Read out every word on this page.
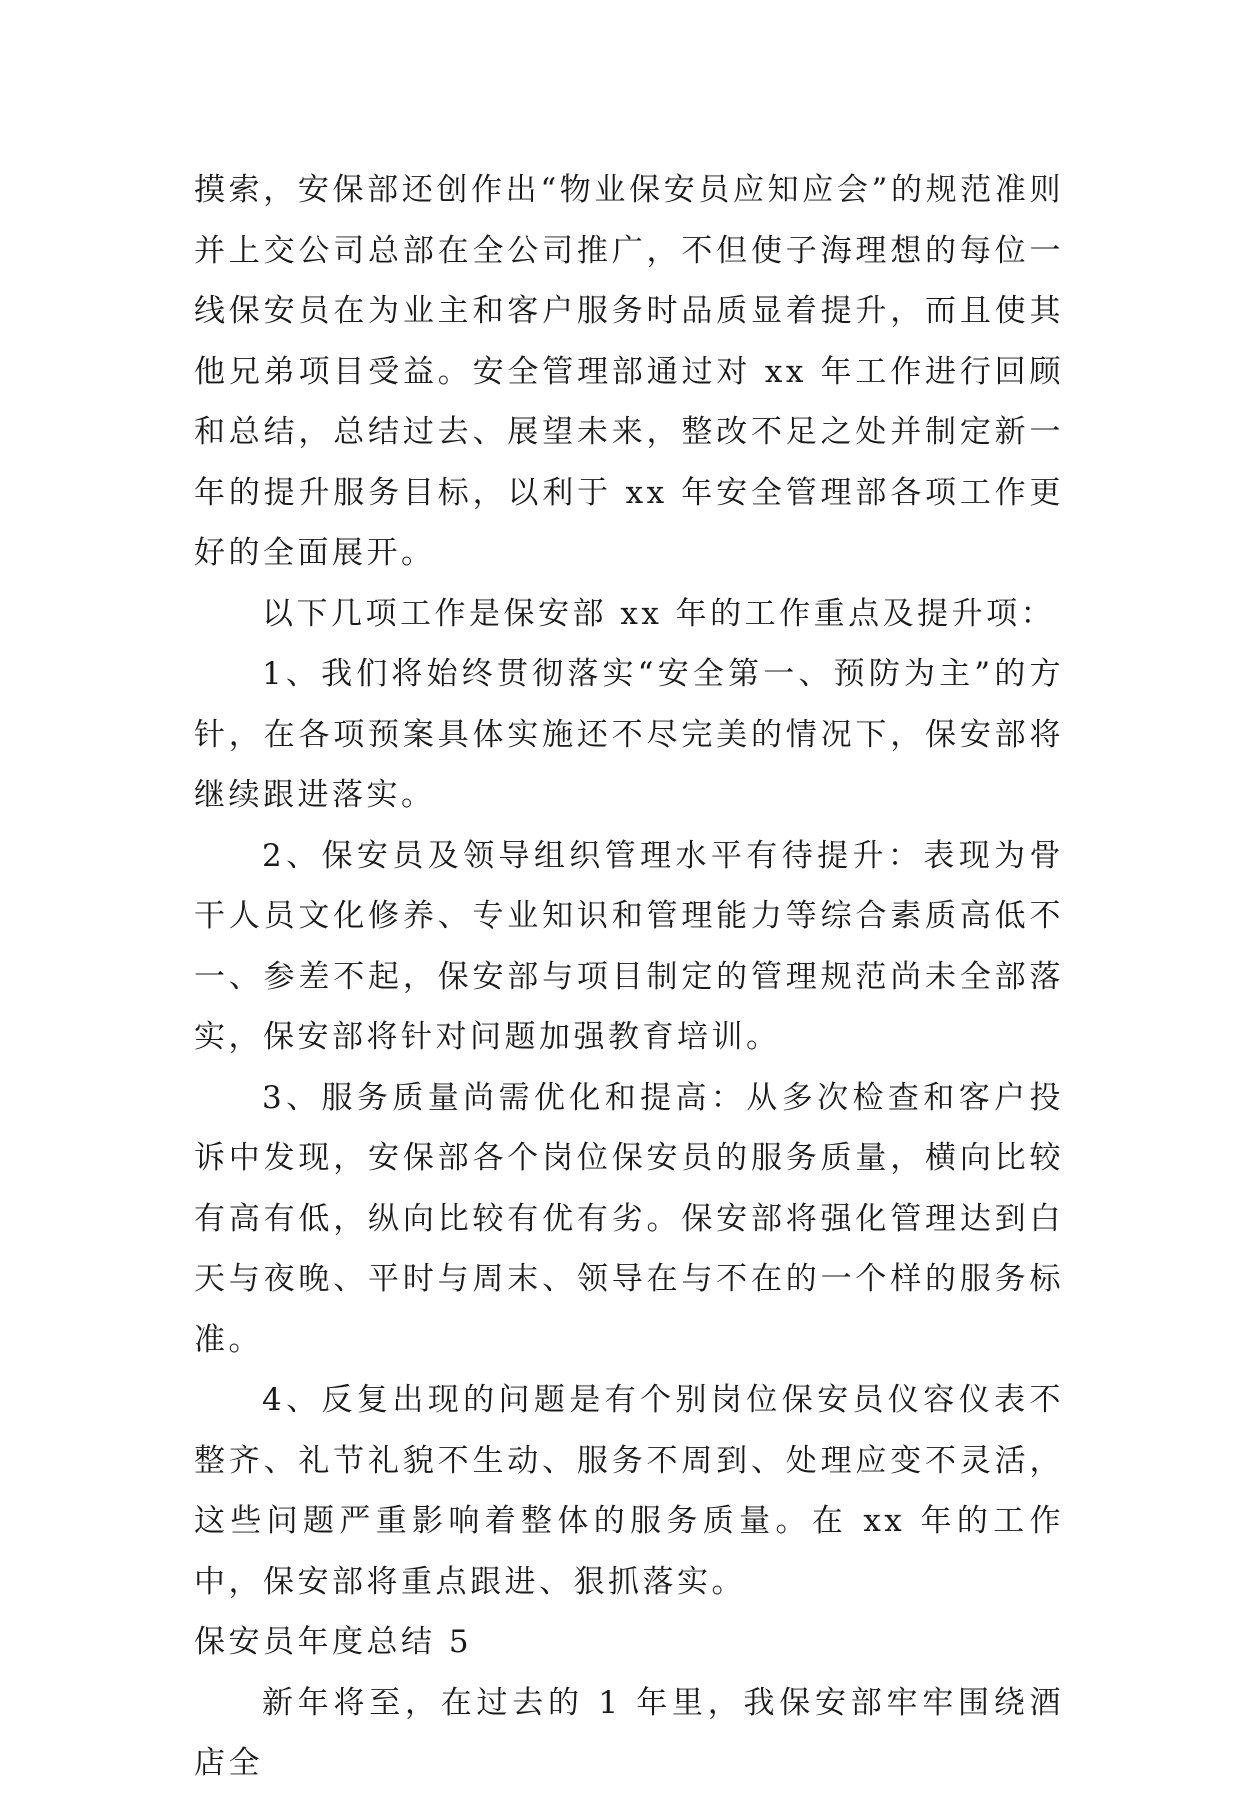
摸索，安保部还创作出“物业保安员应知应会”的规范准则并上交公司总部在全公司推广，不但使子海理想的每位一线保安员在为业主和客户服务时品质显着提升，而且使其他兄弟项目受益。安全管理部通过对 xx 年工作进行回顾和总结，总结过去、展望未来，整改不足之处并制定新一年的提升服务目标，以利于 xx 年安全管理部各项工作更好的全面展开。

以下几项工作是保安部 xx 年的工作重点及提升项：

1、我们将始终贯彻落实“安全第一、预防为主”的方针，在各项预案具体实施还不尽完美的情况下，保安部将继续跟进落实。

2、保安员及领导组织管理水平有待提升：表现为骨干人员文化修养、专业知识和管理能力等综合素质高低不一、参差不起，保安部与项目制定的管理规范尚未全部落实，保安部将针对问题加强教育培训。

3、服务质量尚需优化和提高：从多次检查和客户投诉中发现，安保部各个岗位保安员的服务质量，横向比较有高有低，纵向比较有优有劣。保安部将强化管理达到白天与夜晚、平时与周末、领导在与不在的一个样的服务标准。

4、反复出现的问题是有个别岗位保安员仪容仪表不整齐、礼节礼貌不生动、服务不周到、处理应变不灵活，这些问题严重影响着整体的服务质量。在 xx 年的工作中，保安部将重点跟进、狠抓落实。

保安员年度总结 5

新年将至，在过去的 1 年里，我保安部牢牢围绕酒店全
